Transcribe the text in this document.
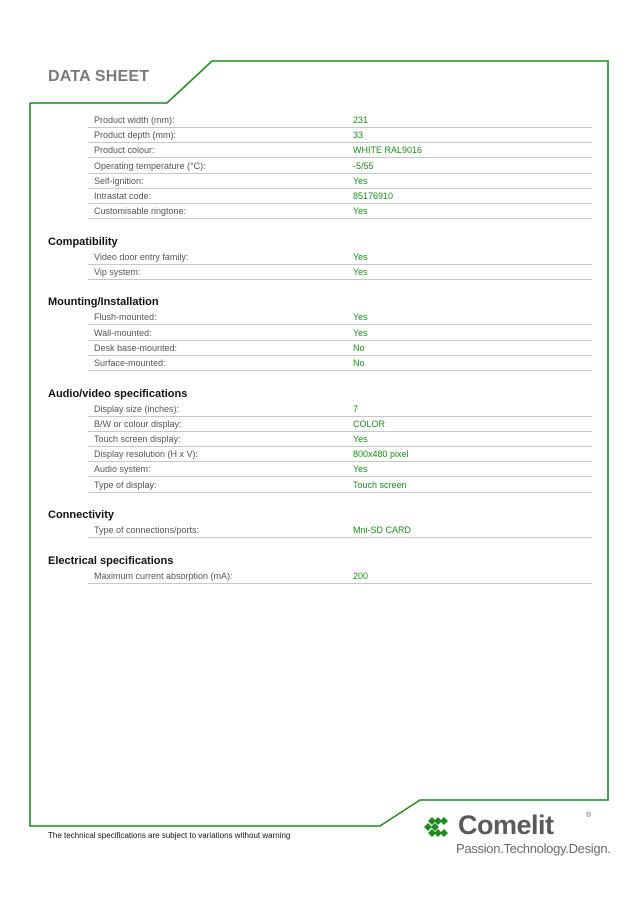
DATA SHEET
Product width (mm):	231
Product depth (mm):	33
Product colour:	WHITE RAL9016
Operating temperature (°C):	-5/55
Self-ignition:	Yes
Intrastat code:	85176910
Customisable ringtone:	Yes
Compatibility
Video door entry family:	Yes
Vip system:	Yes
Mounting/Installation
Flush-mounted:	Yes
Wall-mounted:	Yes
Desk base-mounted:	No
Surface-mounted:	No
Audio/video specifications
Display size (inches):	7
B/W or colour display:	COLOR
Touch screen display:	Yes
Display resolution (H x V):	800x480 pixel
Audio system:	Yes
Type of display:	Touch screen
Connectivity
Type of connections/ports:	Mni-SD CARD
Electrical specifications
Maximum current absorption (mA):	200
The technical specifications are subject to variations without warning	Comelit	®
Passion.Technology.Design.
